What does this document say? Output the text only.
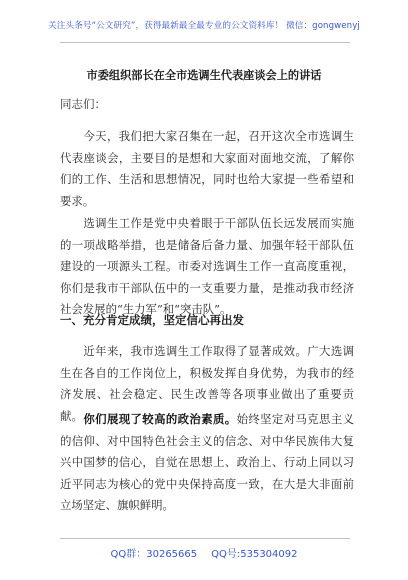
关注头条号“公文研究”，获得最新最全最专业的公文资料库！ 微信：gongwenyj
市委组织部长在全市选调生代表座谈会上的讲话
同志们：
今天，我们把大家召集在一起，召开这次全市选调生代表座谈会，主要目的是想和大家面对面地交流，了解你们的工作、生活和思想情况，同时也给大家提一些希望和要求。
选调生工作是党中央着眼于干部队伍长远发展而实施的一项战略举措，也是储备后备力量、加强年轻干部队伍建设的一项源头工程。市委对选调生工作一直高度重视，你们是我市干部队伍中的一支重要力量，是推动我市经济社会发展的“生力军”和“突击队”。
一、充分肯定成绩，坚定信心再出发
近年来，我市选调生工作取得了显著成效。广大选调生在各自的工作岗位上，积极发挥自身优势，为我市的经济发展、社会稳定、民生改善等各项事业做出了重要贡献。 你们展现了较高的政治素质。始终坚定对马克思主义的信仰、对中国特色社会主义的信念、对中华民族伟大复兴中国梦的信心，自觉在思想上、政治上、行动上同以习近平同志为核心的党中央保持高度一致，在大是大非面前立场坚定、旗帜鲜明。
QQ群：30265665 QQ号:535304092
